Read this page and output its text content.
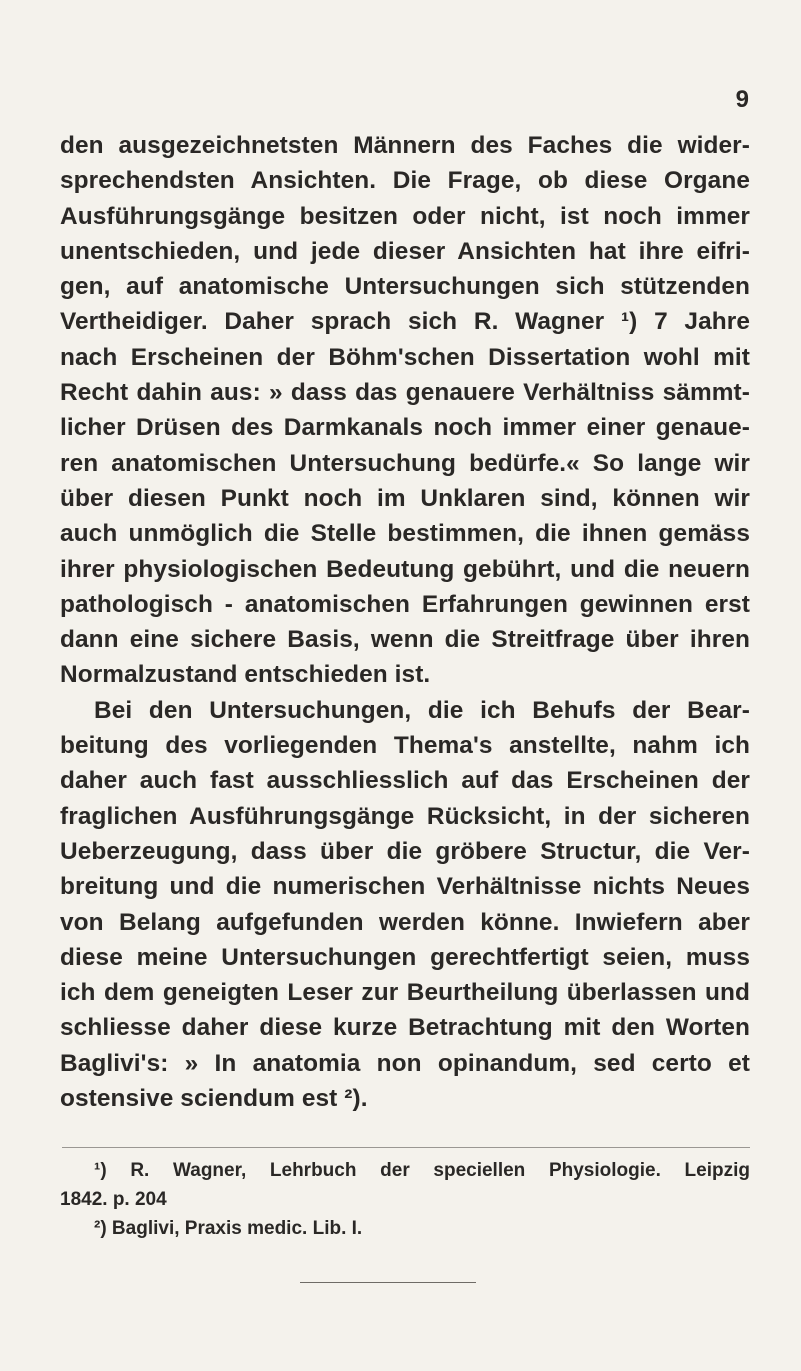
9
den ausgezeichnetsten Männern des Faches die wider-
sprechendsten Ansichten. Die Frage, ob diese Organe
Ausführungsgänge besitzen oder nicht, ist noch immer
unentschieden, und jede dieser Ansichten hat ihre eifri-
gen, auf anatomische Untersuchungen sich stützenden
Vertheidiger. Daher sprach sich R. Wagner ¹) 7 Jahre
nach Erscheinen der Böhm'schen Dissertation wohl mit
Recht dahin aus: » dass das genauere Verhältniss sämmt-
licher Drüsen des Darmkanals noch immer einer genaue-
ren anatomischen Untersuchung bedürfe.« So lange wir
über diesen Punkt noch im Unklaren sind, können wir
auch unmöglich die Stelle bestimmen, die ihnen gemäss
ihrer physiologischen Bedeutung gebührt, und die neuern
pathologisch - anatomischen Erfahrungen gewinnen erst
dann eine sichere Basis, wenn die Streitfrage über ihren
Normalzustand entschieden ist.
Bei den Untersuchungen, die ich Behufs der Bear-
beitung des vorliegenden Thema's anstellte, nahm ich
daher auch fast ausschliesslich auf das Erscheinen der
fraglichen Ausführungsgänge Rücksicht, in der sicheren
Ueberzeugung, dass über die gröbere Structur, die Ver-
breitung und die numerischen Verhältnisse nichts Neues
von Belang aufgefunden werden könne. Inwiefern aber
diese meine Untersuchungen gerechtfertigt seien, muss
ich dem geneigten Leser zur Beurtheilung überlassen und
schliesse daher diese kurze Betrachtung mit den Worten
Baglivi's: » In anatomia non opinandum, sed certo et
ostensive sciendum est ²).
¹) R. Wagner, Lehrbuch der speciellen Physiologie. Leipzig
1842. p. 204
²) Baglivi, Praxis medic. Lib. I.
